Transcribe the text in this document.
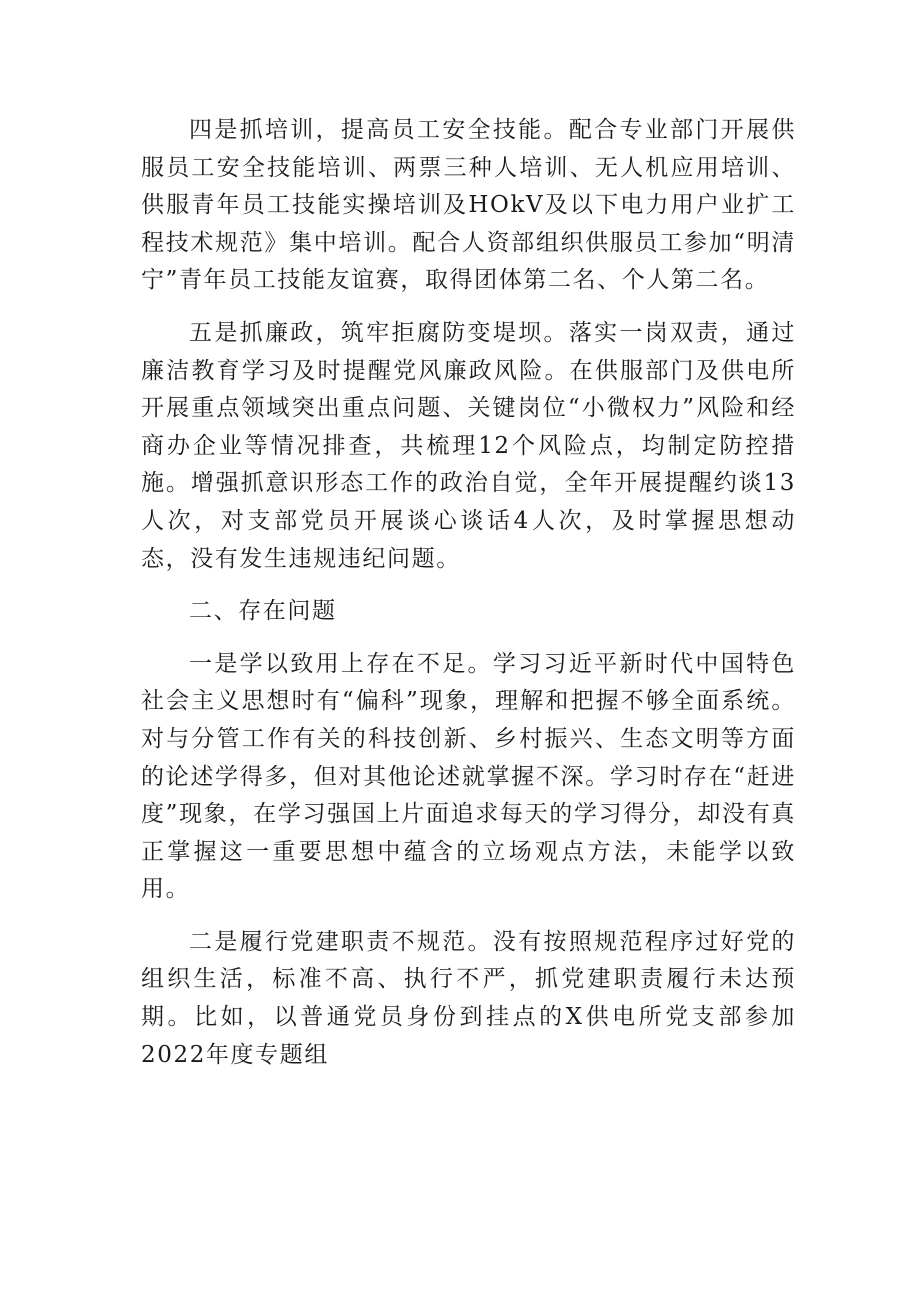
四是抓培训，提高员工安全技能。配合专业部门开展供服员工安全技能培训、两票三种人培训、无人机应用培训、供服青年员工技能实操培训及HOkV及以下电力用户业扩工程技术规范》集中培训。配合人资部组织供服员工参加“明清宁”青年员工技能友谊赛，取得团体第二名、个人第二名。

五是抓廉政，筑牢拒腐防变堤坝。落实一岗双责，通过廉洁教育学习及时提醒党风廉政风险。在供服部门及供电所开展重点领域突出重点问题、关键岗位“小微权力”风险和经商办企业等情况排查，共梳理12个风险点，均制定防控措施。增强抓意识形态工作的政治自觉，全年开展提醒约谈13人次，对支部党员开展谈心谈话4人次，及时掌握思想动态，没有发生违规违纪问题。

二、存在问题

一是学以致用上存在不足。学习习近平新时代中国特色社会主义思想时有“偏科”现象，理解和把握不够全面系统。对与分管工作有关的科技创新、乡村振兴、生态文明等方面的论述学得多，但对其他论述就掌握不深。学习时存在“赶进度”现象，在学习强国上片面追求每天的学习得分，却没有真正掌握这一重要思想中蕴含的立场观点方法，未能学以致用。

二是履行党建职责不规范。没有按照规范程序过好党的组织生活，标准不高、执行不严，抓党建职责履行未达预期。比如，以普通党员身份到挂点的X供电所党支部参加2022年度专题组
